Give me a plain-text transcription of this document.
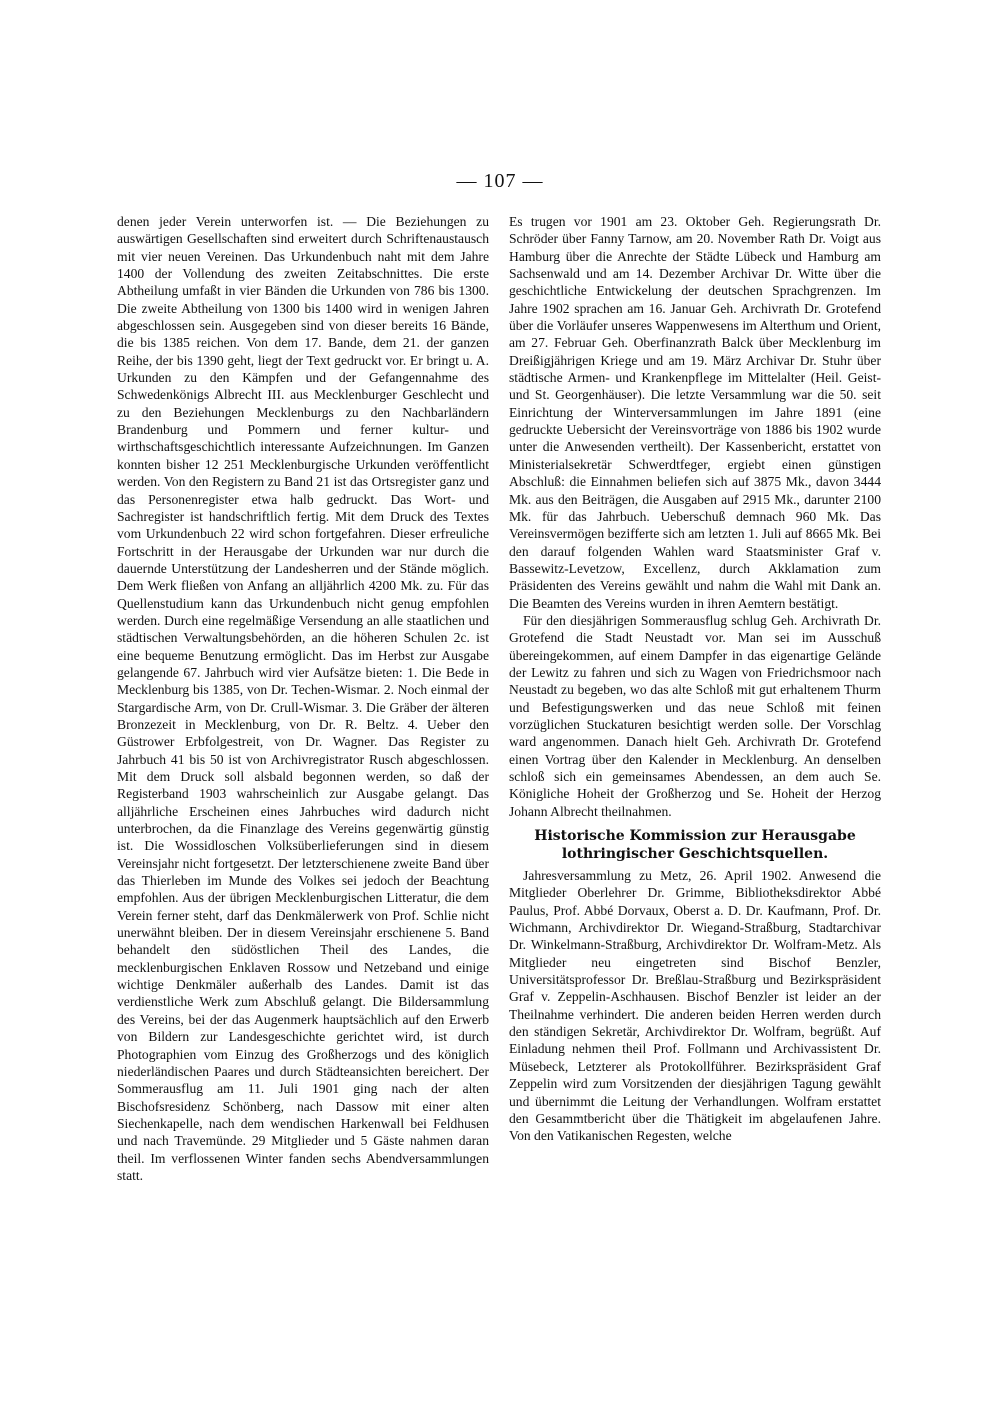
— 107 —

denen jeder Verein unterworfen ist. — Die Beziehungen zu auswärtigen Gesellschaften sind erweitert durch Schriftenaustausch mit vier neuen Vereinen. Das Urkundenbuch naht mit dem Jahre 1400 der Vollendung des zweiten Zeitabschnittes. Die erste Abtheilung umfaßt in vier Bänden die Urkunden von 786 bis 1300. Die zweite Abtheilung von 1300 bis 1400 wird in wenigen Jahren abgeschlossen sein. Ausgegeben sind von dieser bereits 16 Bände, die bis 1385 reichen. Von dem 17. Bande, dem 21. der ganzen Reihe, der bis 1390 geht, liegt der Text gedruckt vor. Er bringt u. A. Urkunden zu den Kämpfen und der Gefangennahme des Schwedenkönigs Albrecht III. aus Mecklenburger Geschlecht und zu den Beziehungen Mecklenburgs zu den Nachbarländern Brandenburg und Pommern und ferner kultur- und wirthschaftsgeschichtlich interessante Aufzeichnungen. Im Ganzen konnten bisher 12 251 Mecklenburgische Urkunden veröffentlicht werden. Von den Registern zu Band 21 ist das Ortsregister ganz und das Personenregister etwa halb gedruckt. Das Wort- und Sachregister ist handschriftlich fertig. Mit dem Druck des Textes vom Urkundenbuch 22 wird schon fortgefahren. Dieser erfreuliche Fortschritt in der Herausgabe der Urkunden war nur durch die dauernde Unterstützung der Landesherren und der Stände möglich. Dem Werk fließen von Anfang an alljährlich 4200 Mk. zu. Für das Quellenstudium kann das Urkundenbuch nicht genug empfohlen werden. Durch eine regelmäßige Versendung an alle staatlichen und städtischen Verwaltungsbehörden, an die höheren Schulen 2c. ist eine bequeme Benutzung ermöglicht. Das im Herbst zur Ausgabe gelangende 67. Jahrbuch wird vier Aufsätze bieten: 1. Die Bede in Mecklenburg bis 1385, von Dr. Techen-Wismar. 2. Noch einmal der Stargardische Arm, von Dr. Crull-Wismar. 3. Die Gräber der älteren Bronzezeit in Mecklenburg, von Dr. R. Beltz. 4. Ueber den Güstrower Erbfolgestreit, von Dr. Wagner. Das Register zu Jahrbuch 41 bis 50 ist von Archivregistrator Rusch abgeschlossen. Mit dem Druck soll alsbald begonnen werden, so daß der Registerband 1903 wahrscheinlich zur Ausgabe gelangt. Das alljährliche Erscheinen eines Jahrbuches wird dadurch nicht unterbrochen, da die Finanzlage des Vereins gegenwärtig günstig ist. Die Wossidloschen Volksüberlieferungen sind in diesem Vereinsjahr nicht fortgesetzt. Der letzterschienene zweite Band über das Thierleben im Munde des Volkes sei jedoch der Beachtung empfohlen. Aus der übrigen Mecklenburgischen Litteratur, die dem Verein ferner steht, darf das Denkmälerwerk von Prof. Schlie nicht unerwähnt bleiben. Der in diesem Vereinsjahr erschienene 5. Band behandelt den südöstlichen Theil des Landes, die mecklenburgischen Enklaven Rossow und Netzeband und einige wichtige Denkmäler außerhalb des Landes. Damit ist das verdienstliche Werk zum Abschluß gelangt. Die Bildersammlung des Vereins, bei der das Augenmerk hauptsächlich auf den Erwerb von Bildern zur Landesgeschichte gerichtet wird, ist durch Photographien vom Einzug des Großherzogs und des königlich niederländischen Paares und durch Städteansichten bereichert. Der Sommerausflug am 11. Juli 1901 ging nach der alten Bischofsresidenz Schönberg, nach Dassow mit einer alten Siechenkapelle, nach dem wendischen Harkenwall bei Feldhusen und nach Travemünde. 29 Mitglieder und 5 Gäste nahmen daran theil. Im verflossenen Winter fanden sechs Abendversammlungen statt.

Es trugen vor 1901 am 23. Oktober Geh. Regierungsrath Dr. Schröder über Fanny Tarnow, am 20. November Rath Dr. Voigt aus Hamburg über die Anrechte der Städte Lübeck und Hamburg am Sachsenwald und am 14. Dezember Archivar Dr. Witte über die geschichtliche Entwickelung der deutschen Sprachgrenzen. Im Jahre 1902 sprachen am 16. Januar Geh. Archivrath Dr. Grotefend über die Vorläufer unseres Wappenwesens im Alterthum und Orient, am 27. Februar Geh. Oberfinanzrath Balck über Mecklenburg im Dreißigjährigen Kriege und am 19. März Archivar Dr. Stuhr über städtische Armen- und Krankenpflege im Mittelalter (Heil. Geist- und St. Georgenhäuser). Die letzte Versammlung war die 50. seit Einrichtung der Winterversammlungen im Jahre 1891 (eine gedruckte Uebersicht der Vereinsvorträge von 1886 bis 1902 wurde unter die Anwesenden vertheilt). Der Kassenbericht, erstattet von Ministerialsekretär Schwerdtfeger, ergiebt einen günstigen Abschluß: die Einnahmen beliefen sich auf 3875 Mk., davon 3444 Mk. aus den Beiträgen, die Ausgaben auf 2915 Mk., darunter 2100 Mk. für das Jahrbuch. Ueberschuß demnach 960 Mk. Das Vereinsvermögen bezifferte sich am letzten 1. Juli auf 8665 Mk. Bei den darauf folgenden Wahlen ward Staatsminister Graf v. Bassewitz-Levetzow, Excellenz, durch Akklamation zum Präsidenten des Vereins gewählt und nahm die Wahl mit Dank an. Die Beamten des Vereins wurden in ihren Aemtern bestätigt.

Für den diesjährigen Sommerausflug schlug Geh. Archivrath Dr. Grotefend die Stadt Neustadt vor. Man sei im Ausschuß übereingekommen, auf einem Dampfer in das eigenartige Gelände der Lewitz zu fahren und sich zu Wagen von Friedrichsmoor nach Neustadt zu begeben, wo das alte Schloß mit gut erhaltenem Thurm und Befestigungswerken und das neue Schloß mit feinen vorzüglichen Stuckaturen besichtigt werden solle. Der Vorschlag ward angenommen. Danach hielt Geh. Archivrath Dr. Grotefend einen Vortrag über den Kalender in Mecklenburg. An denselben schloß sich ein gemeinsames Abendessen, an dem auch Se. Königliche Hoheit der Großherzog und Se. Hoheit der Herzog Johann Albrecht theilnahmen.

Historische Kommission zur Herausgabe lothringischer Geschichtsquellen.

Jahresversammlung zu Metz, 26. April 1902. Anwesend die Mitglieder Oberlehrer Dr. Grimme, Bibliotheksdirektor Abbé Paulus, Prof. Abbé Dorvaux, Oberst a. D. Dr. Kaufmann, Prof. Dr. Wichmann, Archivdirektor Dr. Wiegand-Straßburg, Stadtarchivar Dr. Winkelmann-Straßburg, Archivdirektor Dr. Wolfram-Metz. Als Mitglieder neu eingetreten sind Bischof Benzler, Universitätsprofessor Dr. Breßlau-Straßburg und Bezirkspräsident Graf v. Zeppelin-Aschhausen. Bischof Benzler ist leider an der Theilnahme verhindert. Die anderen beiden Herren werden durch den ständigen Sekretär, Archivdirektor Dr. Wolfram, begrüßt. Auf Einladung nehmen theil Prof. Follmann und Archivassistent Dr. Müsebeck, Letzterer als Protokollführer. Bezirkspräsident Graf Zeppelin wird zum Vorsitzenden der diesjährigen Tagung gewählt und übernimmt die Leitung der Verhandlungen. Wolfram erstattet den Gesammtbericht über die Thätigkeit im abgelaufenen Jahre. Von den Vatikanischen Regesten, welche
